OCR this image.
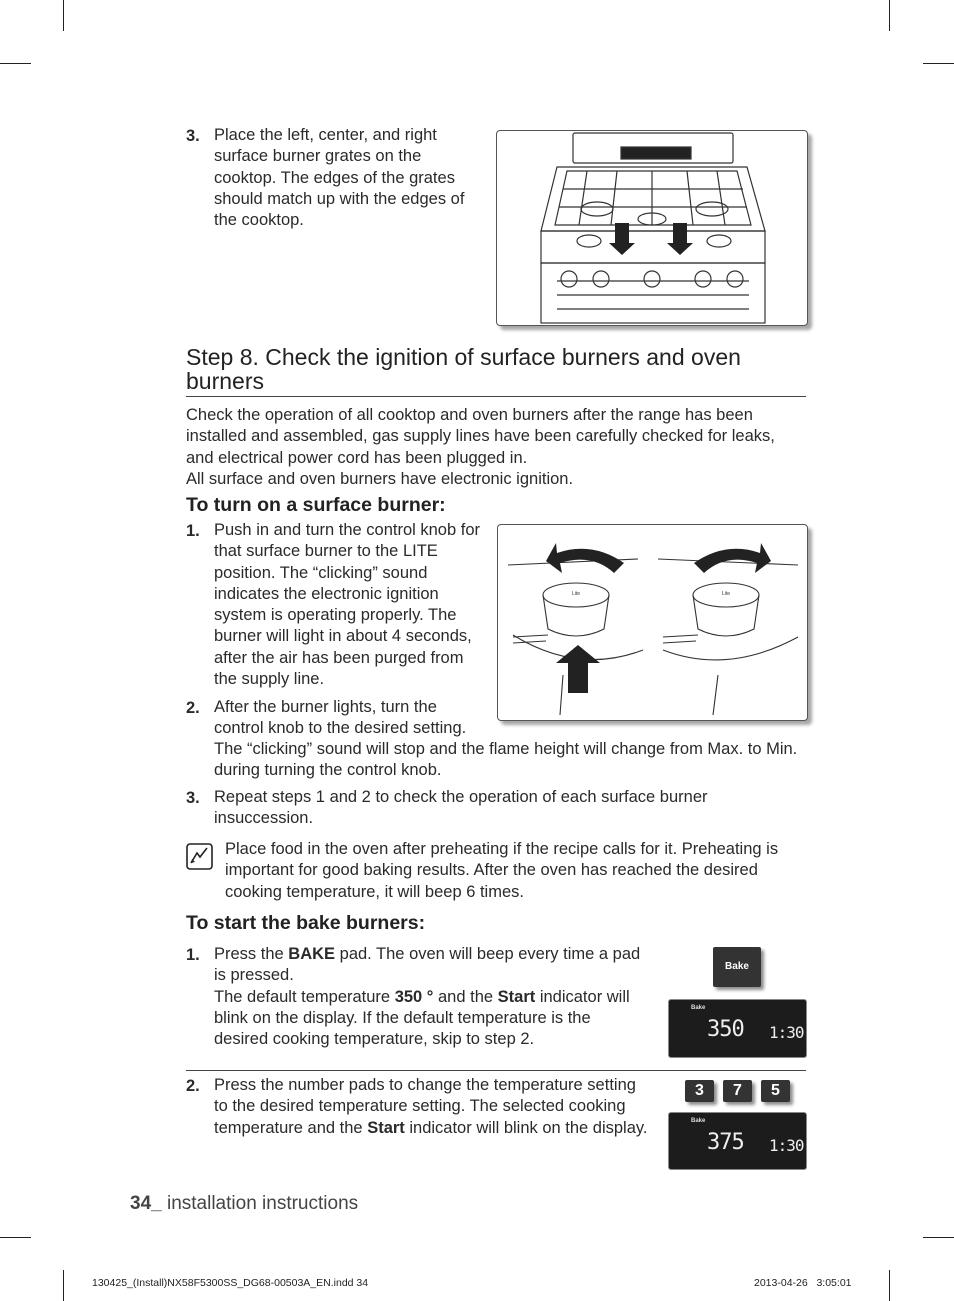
3. Place the left, center, and right surface burner grates on the cooktop. The edges of the grates should match up with the edges of the cooktop.
Step 8. Check the ignition of surface burners and oven burners
Check the operation of all cooktop and oven burners after the range has been installed and assembled, gas supply lines have been carefully checked for leaks, and electrical power cord has been plugged in.
All surface and oven burners have electronic ignition.
To turn on a surface burner:
1. Push in and turn the control knob for that surface burner to the LITE position. The “clicking” sound indicates the electronic ignition system is operating properly. The burner will light in about 4 seconds, after the air has been purged from the supply line.
Lite	Lite
2. After the burner lights, turn the control knob to the desired setting.
The “clicking” sound will stop and the flame height will change from Max. to Min. during turning the control knob.
3. Repeat steps 1 and 2 to check the operation of each surface burner insuccession.
Place food in the oven after preheating if the recipe calls for it. Preheating is important for good baking results. After the oven has reached the desired cooking temperature, it will beep 6 times.
To start the bake burners:
1. Press the BAKE pad. The oven will beep every time a pad is pressed.
The default temperature 350 ° and the Start indicator will blink on the display. If the default temperature is the desired cooking temperature, skip to step 2.
Bake
Bake
350 1:30
2. Press the number pads to change the temperature setting to the desired temperature setting. The selected cooking temperature and the Start indicator will blink on the display.
3	7	5
Bake
375 1:30
34_ installation instructions
130425_(Install)NX58F5300SS_DG68-00503A_EN.indd 34	2013-04-26   3:05:01
